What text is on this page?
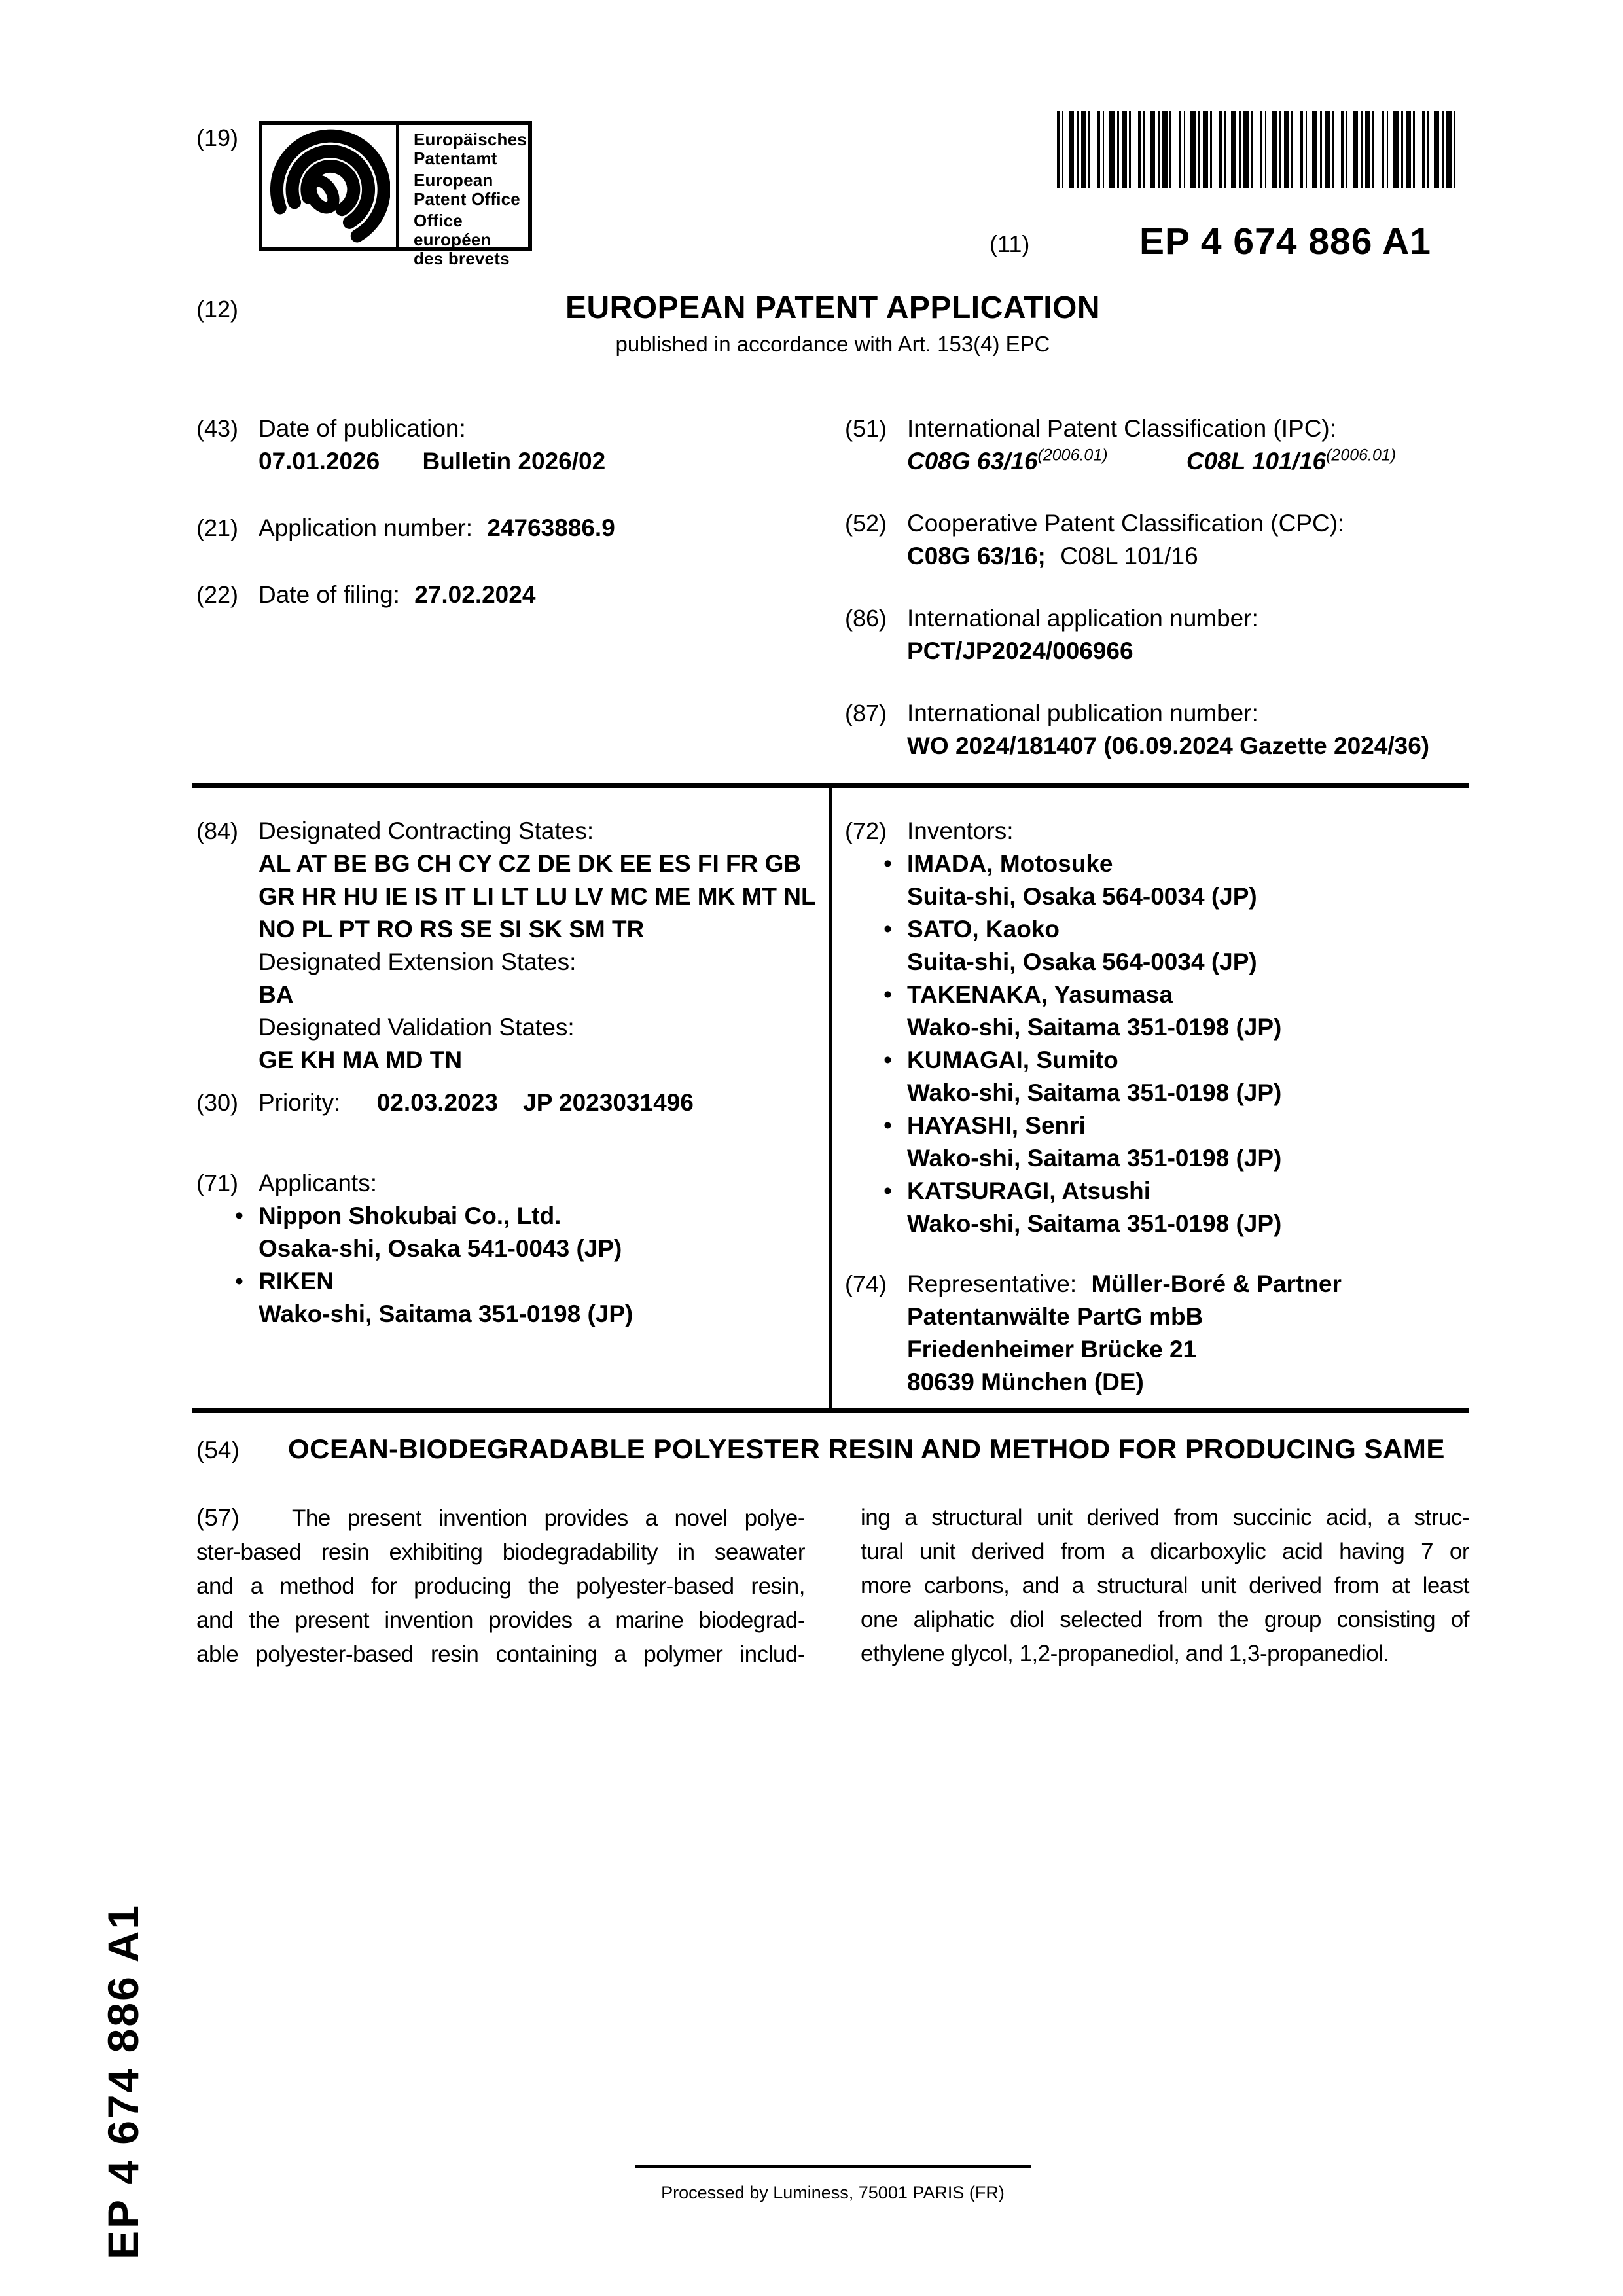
(19)	Europäisches
Patentamt
European
Patent Office
Office européen
des brevets
(11)	EP 4 674 886 A1
(12)	EUROPEAN PATENT APPLICATION
published in accordance with Art. 153(4) EPC
(43) Date of publication:
07.01.2026 Bulletin 2026/02
(21) Application number: 24763886.9
(22) Date of filing: 27.02.2024
(51) International Patent Classification (IPC):
C08G $63/16^{(2006.01)}$	C08L $101/16^{(2006.01)}$
(52) Cooperative Patent Classification (CPC):
C08G 63/16; C08L 101/16
(86) International application number:
PCT/JP2024/006966
(87) International publication number:
WO 2024/181407 (06.09.2024 Gazette 2024/36)
(84) Designated Contracting States:
AL AT BE BG CH CY CZ DE DK EE ES FI FR GB
GR HR HU IE IS IT LI LT LU LV MC ME MK MT NL
NO PL PT RO RS SE SI SK SM TR
Designated Extension States:
BA
Designated Validation States:
GE KH MA MD TN
(30) Priority: 02.03.2023 JP 2023031496
(71) Applicants:
• Nippon Shokubai Co., Ltd.
Osaka-shi, Osaka 541-0043 (JP)
• RIKEN
Wako-shi, Saitama 351-0198 (JP)
(72) Inventors:
• IMADA, Motosuke
Suita-shi, Osaka 564-0034 (JP)
• SATO, Kaoko
Suita-shi, Osaka 564-0034 (JP)
• TAKENAKA, Yasumasa
Wako-shi, Saitama 351-0198 (JP)
• KUMAGAI, Sumito
Wako-shi, Saitama 351-0198 (JP)
• HAYASHI, Senri
Wako-shi, Saitama 351-0198 (JP)
• KATSURAGI, Atsushi
Wako-shi, Saitama 351-0198 (JP)
(74) Representative: Müller-Boré & Partner
Patentanwälte PartG mbB
Friedenheimer Brücke 21
80639 München (DE)
(54)	OCEAN-BIODEGRADABLE POLYESTER RESIN AND METHOD FOR PRODUCING SAME
(57) The present invention provides a novel polye-
ster-based resin exhibiting biodegradability in seawater
and a method for producing the polyester-based resin,
and the present invention provides a marine biodegrad-
able polyester-based resin containing a polymer includ-
ing a structural unit derived from succinic acid, a struc-
tural unit derived from a dicarboxylic acid having 7 or
more carbons, and a structural unit derived from at least
one aliphatic diol selected from the group consisting of
ethylene glycol, 1,2-propanediol, and 1,3-propanediol.
EP 4 674 886 A1	Processed by Luminess, 75001 PARIS (FR)
